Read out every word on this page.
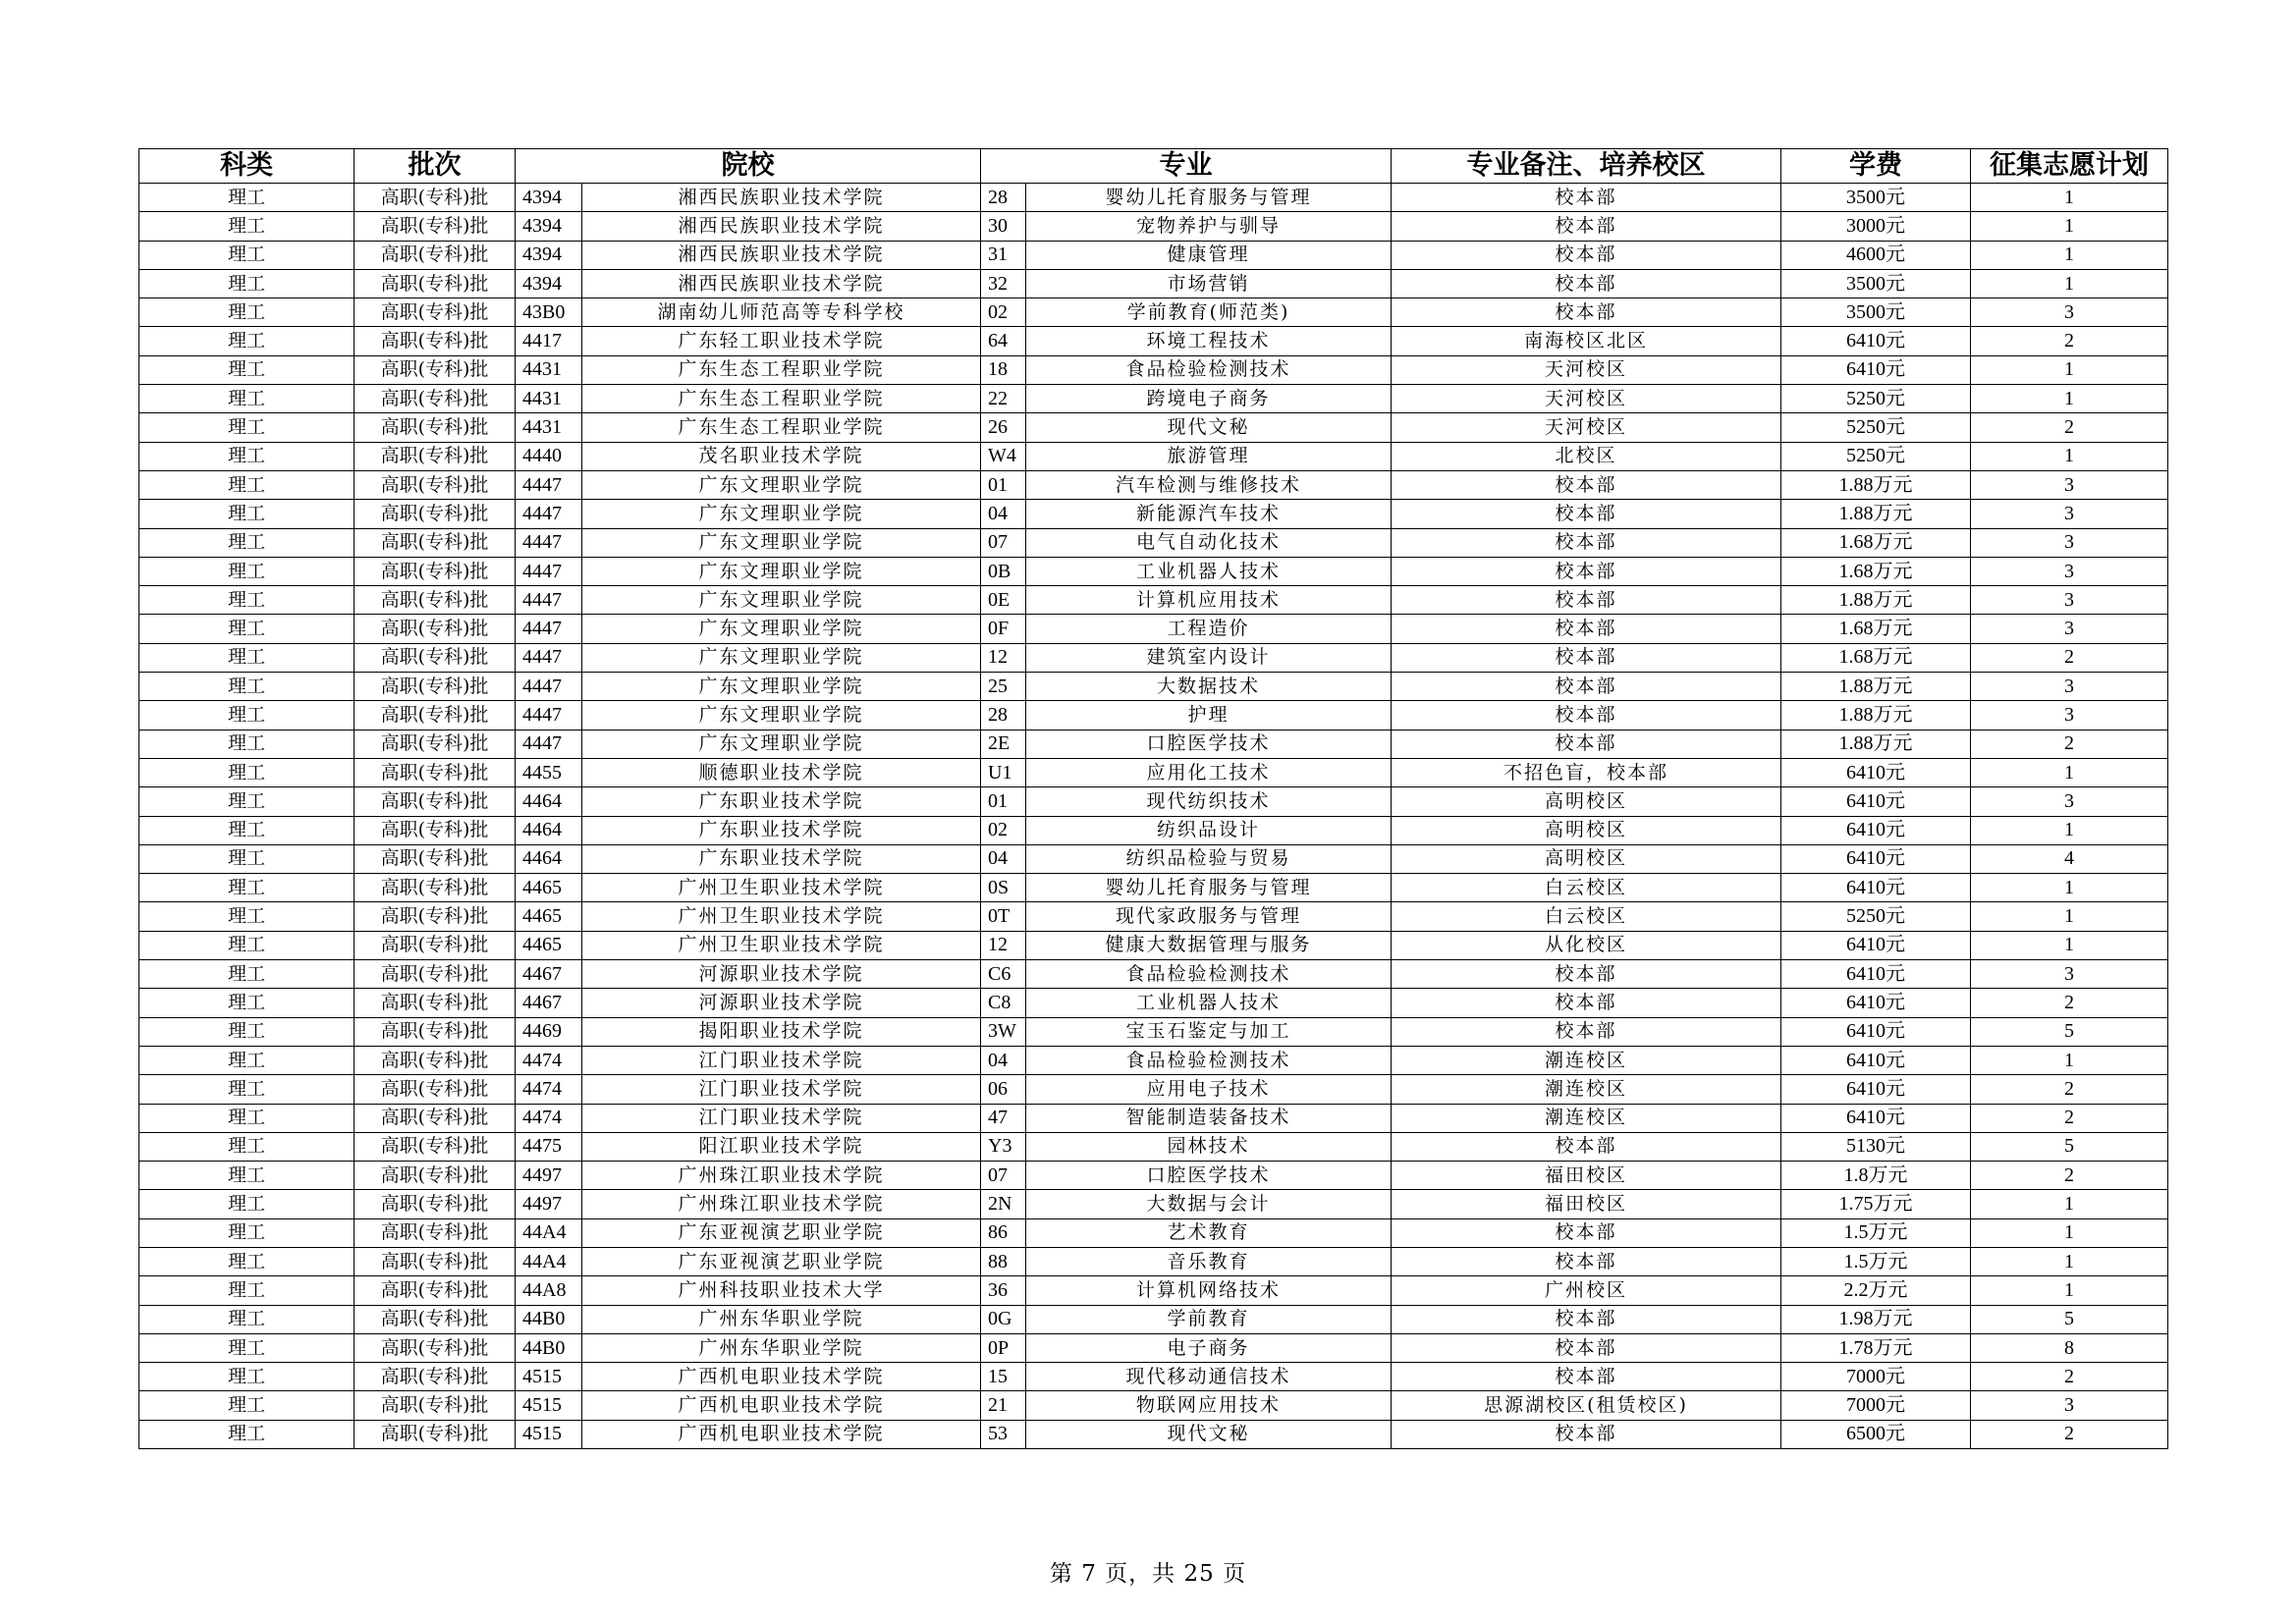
科类	批次	院校		专业		专业备注、培养校区	学费	征集志愿计划
理工	高职(专科)批	4394	湘西民族职业技术学院	28	婴幼儿托育服务与管理	校本部	3500元	1
理工	高职(专科)批	4394	湘西民族职业技术学院	30	宠物养护与驯导	校本部	3000元	1
理工	高职(专科)批	4394	湘西民族职业技术学院	31	健康管理	校本部	4600元	1
理工	高职(专科)批	4394	湘西民族职业技术学院	32	市场营销	校本部	3500元	1
理工	高职(专科)批	43B0	湖南幼儿师范高等专科学校	02	学前教育(师范类)	校本部	3500元	3
理工	高职(专科)批	4417	广东轻工职业技术学院	64	环境工程技术	南海校区北区	6410元	2
理工	高职(专科)批	4431	广东生态工程职业学院	18	食品检验检测技术	天河校区	6410元	1
理工	高职(专科)批	4431	广东生态工程职业学院	22	跨境电子商务	天河校区	5250元	1
理工	高职(专科)批	4431	广东生态工程职业学院	26	现代文秘	天河校区	5250元	2
理工	高职(专科)批	4440	茂名职业技术学院	W4	旅游管理	北校区	5250元	1
理工	高职(专科)批	4447	广东文理职业学院	01	汽车检测与维修技术	校本部	1.88万元	3
理工	高职(专科)批	4447	广东文理职业学院	04	新能源汽车技术	校本部	1.88万元	3
理工	高职(专科)批	4447	广东文理职业学院	07	电气自动化技术	校本部	1.68万元	3
理工	高职(专科)批	4447	广东文理职业学院	0B	工业机器人技术	校本部	1.68万元	3
理工	高职(专科)批	4447	广东文理职业学院	0E	计算机应用技术	校本部	1.88万元	3
理工	高职(专科)批	4447	广东文理职业学院	0F	工程造价	校本部	1.68万元	3
理工	高职(专科)批	4447	广东文理职业学院	12	建筑室内设计	校本部	1.68万元	2
理工	高职(专科)批	4447	广东文理职业学院	25	大数据技术	校本部	1.88万元	3
理工	高职(专科)批	4447	广东文理职业学院	28	护理	校本部	1.88万元	3
理工	高职(专科)批	4447	广东文理职业学院	2E	口腔医学技术	校本部	1.88万元	2
理工	高职(专科)批	4455	顺德职业技术学院	U1	应用化工技术	不招色盲，校本部	6410元	1
理工	高职(专科)批	4464	广东职业技术学院	01	现代纺织技术	高明校区	6410元	3
理工	高职(专科)批	4464	广东职业技术学院	02	纺织品设计	高明校区	6410元	1
理工	高职(专科)批	4464	广东职业技术学院	04	纺织品检验与贸易	高明校区	6410元	4
理工	高职(专科)批	4465	广州卫生职业技术学院	0S	婴幼儿托育服务与管理	白云校区	6410元	1
理工	高职(专科)批	4465	广州卫生职业技术学院	0T	现代家政服务与管理	白云校区	5250元	1
理工	高职(专科)批	4465	广州卫生职业技术学院	12	健康大数据管理与服务	从化校区	6410元	1
理工	高职(专科)批	4467	河源职业技术学院	C6	食品检验检测技术	校本部	6410元	3
理工	高职(专科)批	4467	河源职业技术学院	C8	工业机器人技术	校本部	6410元	2
理工	高职(专科)批	4469	揭阳职业技术学院	3W	宝玉石鉴定与加工	校本部	6410元	5
理工	高职(专科)批	4474	江门职业技术学院	04	食品检验检测技术	潮连校区	6410元	1
理工	高职(专科)批	4474	江门职业技术学院	06	应用电子技术	潮连校区	6410元	2
理工	高职(专科)批	4474	江门职业技术学院	47	智能制造装备技术	潮连校区	6410元	2
理工	高职(专科)批	4475	阳江职业技术学院	Y3	园林技术	校本部	5130元	5
理工	高职(专科)批	4497	广州珠江职业技术学院	07	口腔医学技术	福田校区	1.8万元	2
理工	高职(专科)批	4497	广州珠江职业技术学院	2N	大数据与会计	福田校区	1.75万元	1
理工	高职(专科)批	44A4	广东亚视演艺职业学院	86	艺术教育	校本部	1.5万元	1
理工	高职(专科)批	44A4	广东亚视演艺职业学院	88	音乐教育	校本部	1.5万元	1
理工	高职(专科)批	44A8	广州科技职业技术大学	36	计算机网络技术	广州校区	2.2万元	1
理工	高职(专科)批	44B0	广州东华职业学院	0G	学前教育	校本部	1.98万元	5
理工	高职(专科)批	44B0	广州东华职业学院	0P	电子商务	校本部	1.78万元	8
理工	高职(专科)批	4515	广西机电职业技术学院	15	现代移动通信技术	校本部	7000元	2
理工	高职(专科)批	4515	广西机电职业技术学院	21	物联网应用技术	思源湖校区(租赁校区)	7000元	3
理工	高职(专科)批	4515	广西机电职业技术学院	53	现代文秘	校本部	6500元	2
第 7 页，共 25 页
